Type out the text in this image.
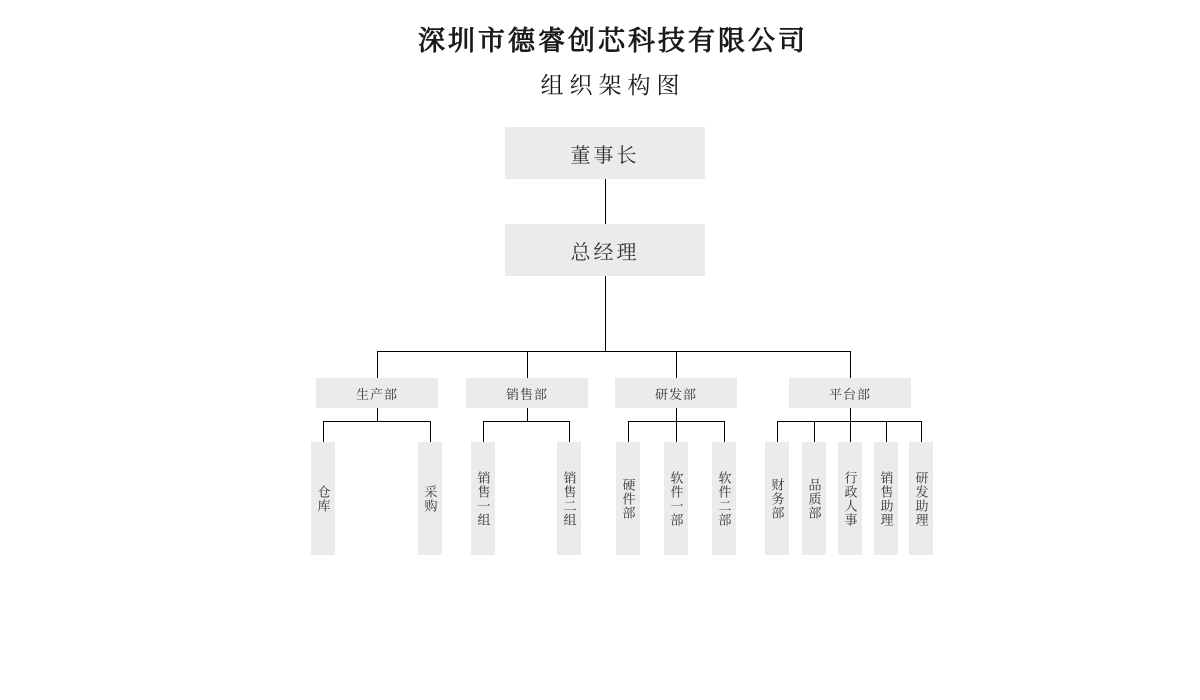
深圳市德睿创芯科技有限公司
组织架构图
董事长
总经理
生产部	销售部	研发部	平台部
仓库	采购	销售一组	销售二组	硬件部	软件一部	软件二部	财务部	品质部	行政人事	销售助理	研发助理
